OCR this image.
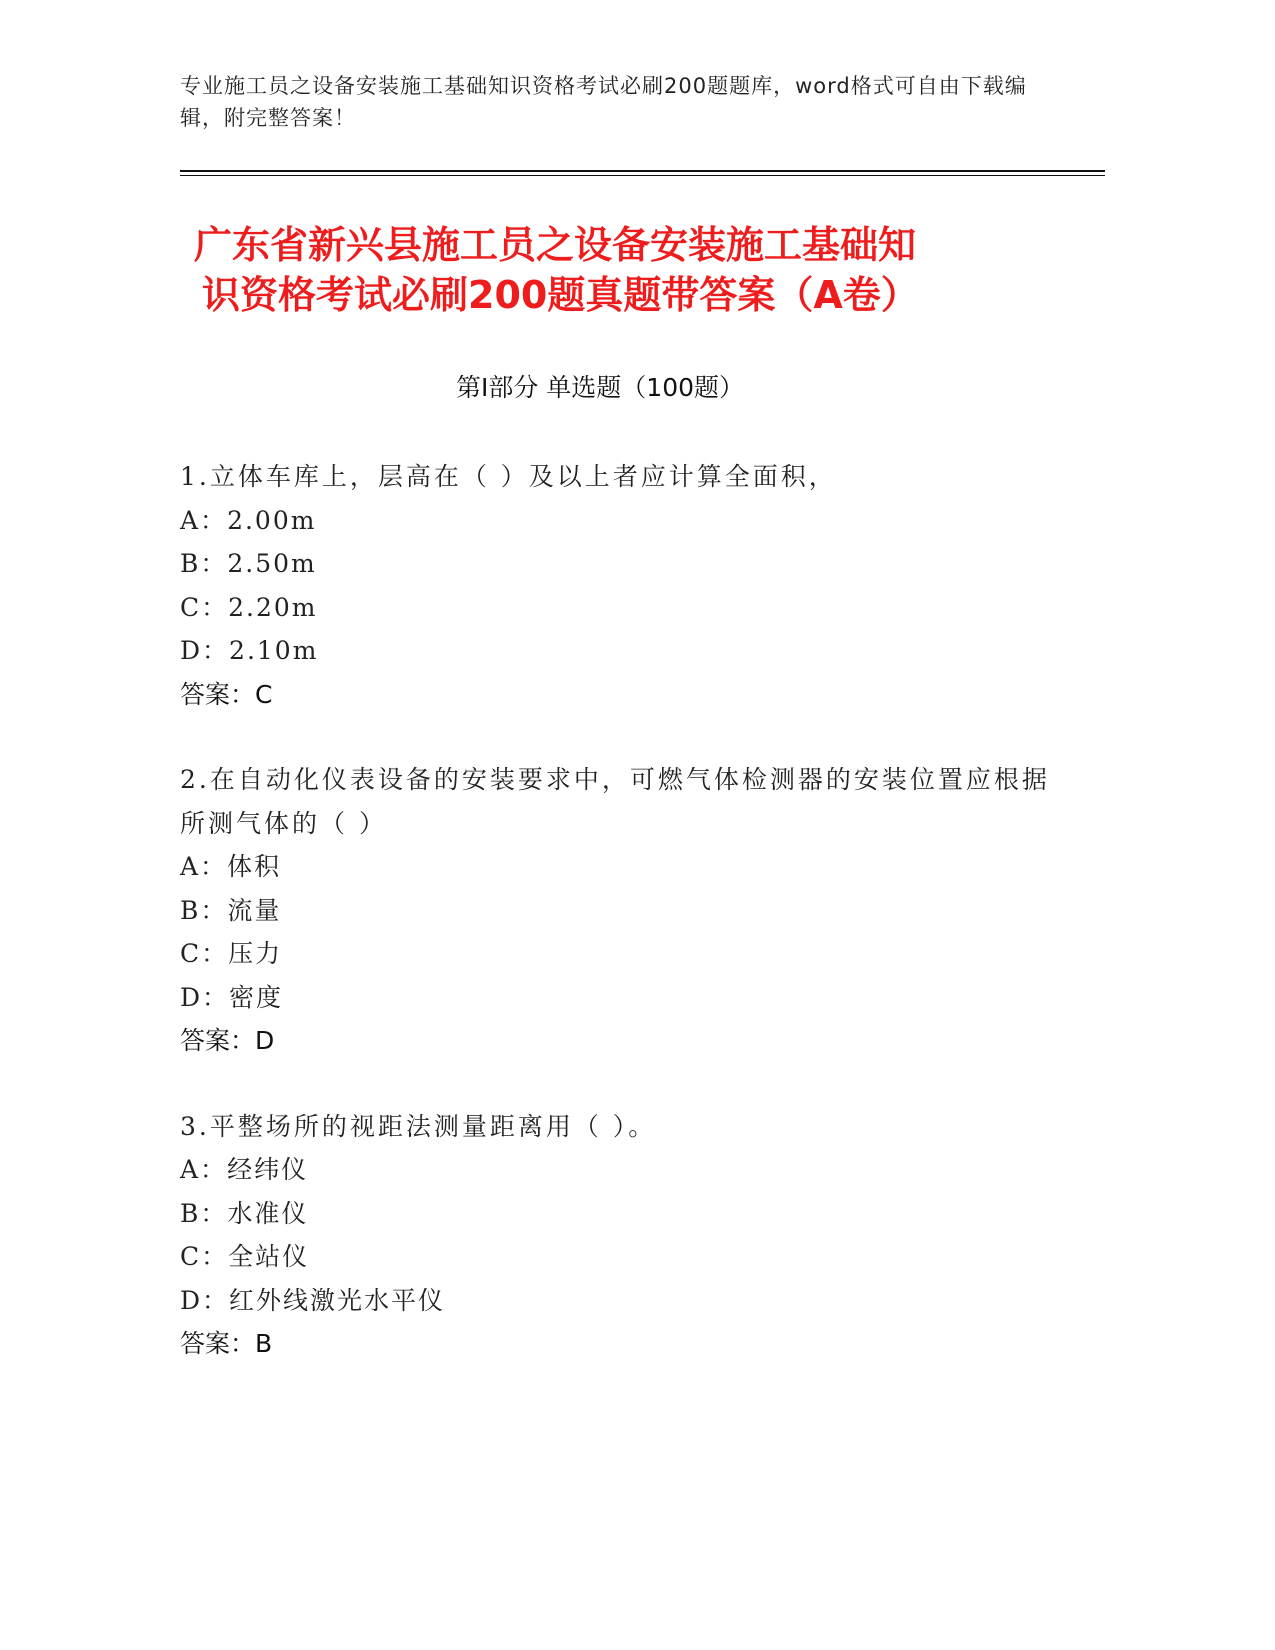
专业施工员之设备安装施工基础知识资格考试必刷200题题库，word格式可自由下载编辑，附完整答案！
广东省新兴县施工员之设备安装施工基础知
识资格考试必刷200题真题带答案（A卷）
第Ⅰ部分 单选题（100题）
1.立体车库上，层高在（ ）及以上者应计算全面积，
A：2.00m
B：2.50m
C：2.20m
D：2.10m
答案：C
2.在自动化仪表设备的安装要求中，可燃气体检测器的安装位置应根据所测气体的（ ）
A：体积
B：流量
C：压力
D：密度
答案：D
3.平整场所的视距法测量距离用（ ）。
A：经纬仪
B：水准仪
C：全站仪
D：红外线激光水平仪
答案：B
